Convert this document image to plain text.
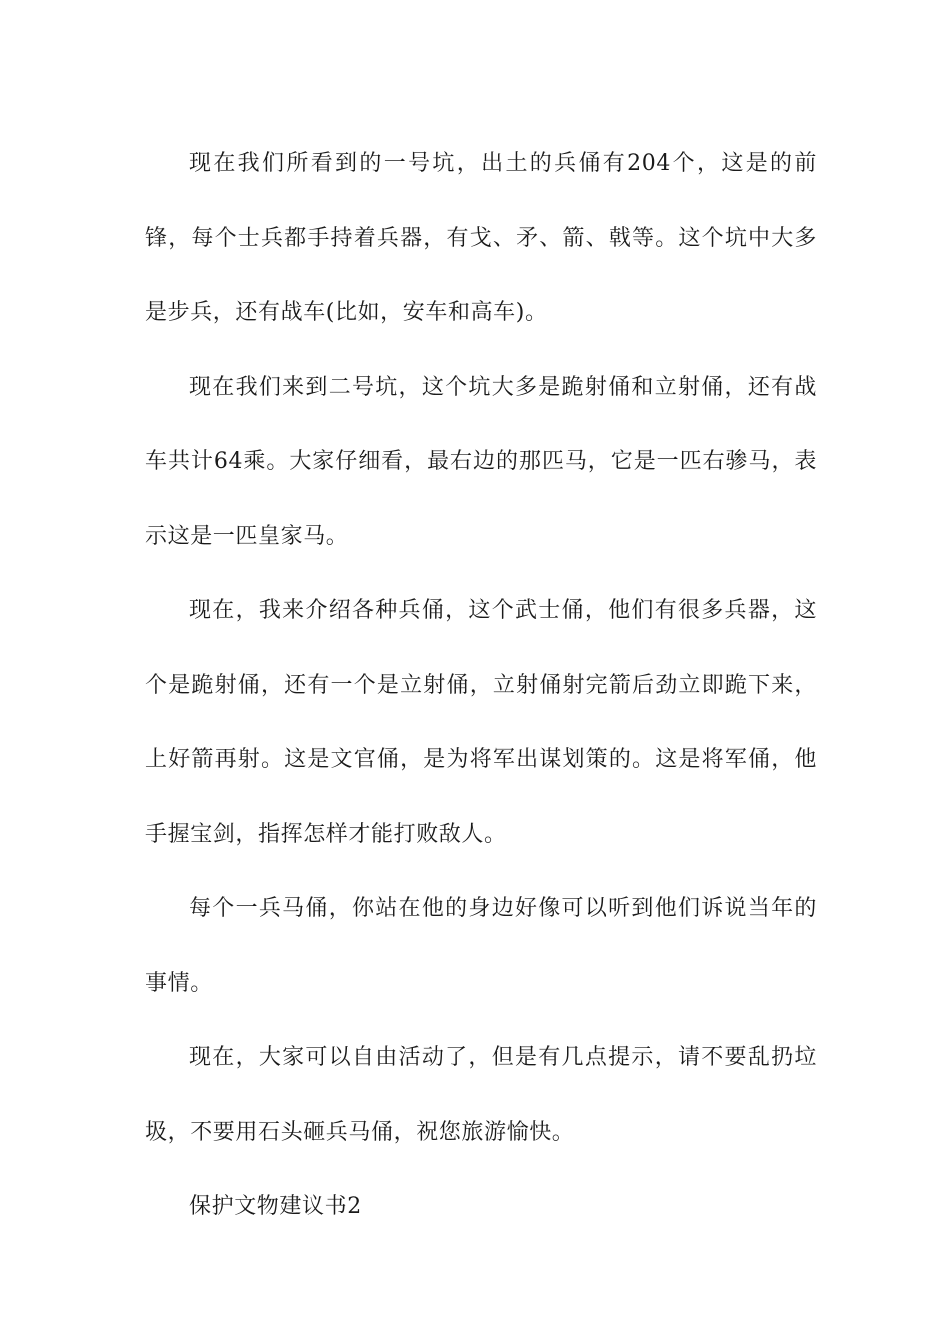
现在我们所看到的一号坑，出土的兵俑有204个，这是的前锋，每个士兵都手持着兵器，有戈、矛、箭、戟等。这个坑中大多是步兵，还有战车(比如，安车和高车)。

现在我们来到二号坑，这个坑大多是跪射俑和立射俑，还有战车共计64乘。大家仔细看，最右边的那匹马，它是一匹右骖马，表示这是一匹皇家马。

现在，我来介绍各种兵俑，这个武士俑，他们有很多兵器，这个是跪射俑，还有一个是立射俑，立射俑射完箭后劲立即跪下来，上好箭再射。这是文官俑，是为将军出谋划策的。这是将军俑，他手握宝剑，指挥怎样才能打败敌人。

每个一兵马俑，你站在他的身边好像可以听到他们诉说当年的事情。

现在，大家可以自由活动了，但是有几点提示，请不要乱扔垃圾，不要用石头砸兵马俑，祝您旅游愉快。

保护文物建议书2
